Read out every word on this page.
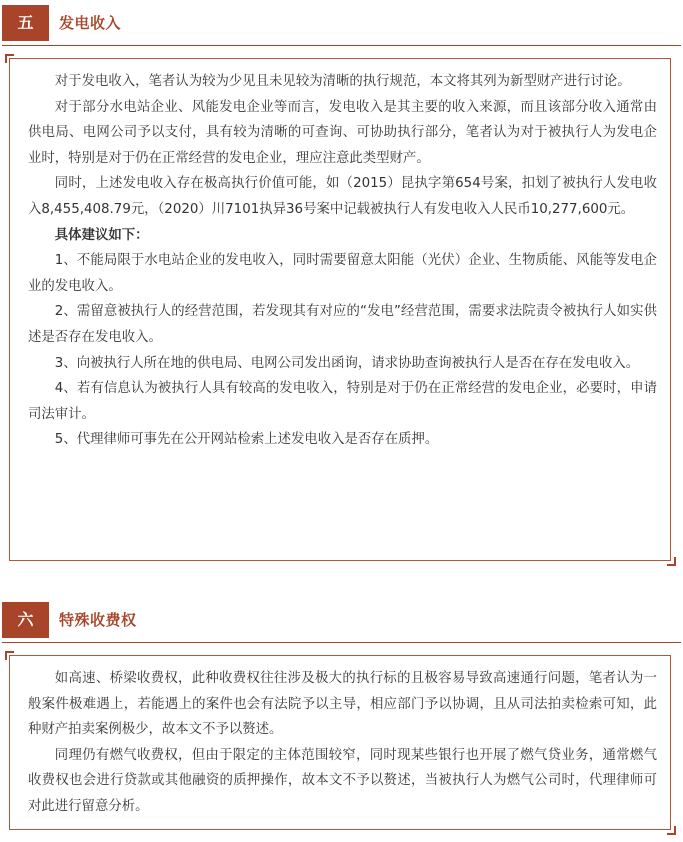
五	发电收入

对于发电收入，笔者认为较为少见且未见较为清晰的执行规范，本文将其列为新型财产进行讨论。

对于部分水电站企业、风能发电企业等而言，发电收入是其主要的收入来源，而且该部分收入通常由供电局、电网公司予以支付，具有较为清晰的可查询、可协助执行部分，笔者认为对于被执行人为发电企业时，特别是对于仍在正常经营的发电企业，理应注意此类型财产。

同时，上述发电收入存在极高执行价值可能，如（2015）昆执字第654号案，扣划了被执行人发电收入8,455,408.79元，（2020）川7101执异36号案中记载被执行人有发电收入人民币10,277,600元。

具体建议如下：

1、不能局限于水电站企业的发电收入，同时需要留意太阳能（光伏）企业、生物质能、风能等发电企业的发电收入。

2、需留意被执行人的经营范围，若发现其有对应的“发电”经营范围，需要求法院责令被执行人如实供述是否存在发电收入。

3、向被执行人所在地的供电局、电网公司发出函询，请求协助查询被执行人是否在存在发电收入。

4、若有信息认为被执行人具有较高的发电收入，特别是对于仍在正常经营的发电企业，必要时，申请司法审计。

5、代理律师可事先在公开网站检索上述发电收入是否存在质押。

六	特殊收费权

如高速、桥梁收费权，此种收费权往往涉及极大的执行标的且极容易导致高速通行问题，笔者认为一般案件极难遇上，若能遇上的案件也会有法院予以主导，相应部门予以协调，且从司法拍卖检索可知，此种财产拍卖案例极少，故本文不予以赘述。

同理仍有燃气收费权，但由于限定的主体范围较窄，同时现某些银行也开展了燃气贷业务，通常燃气收费权也会进行贷款或其他融资的质押操作，故本文不予以赘述，当被执行人为燃气公司时，代理律师可对此进行留意分析。
